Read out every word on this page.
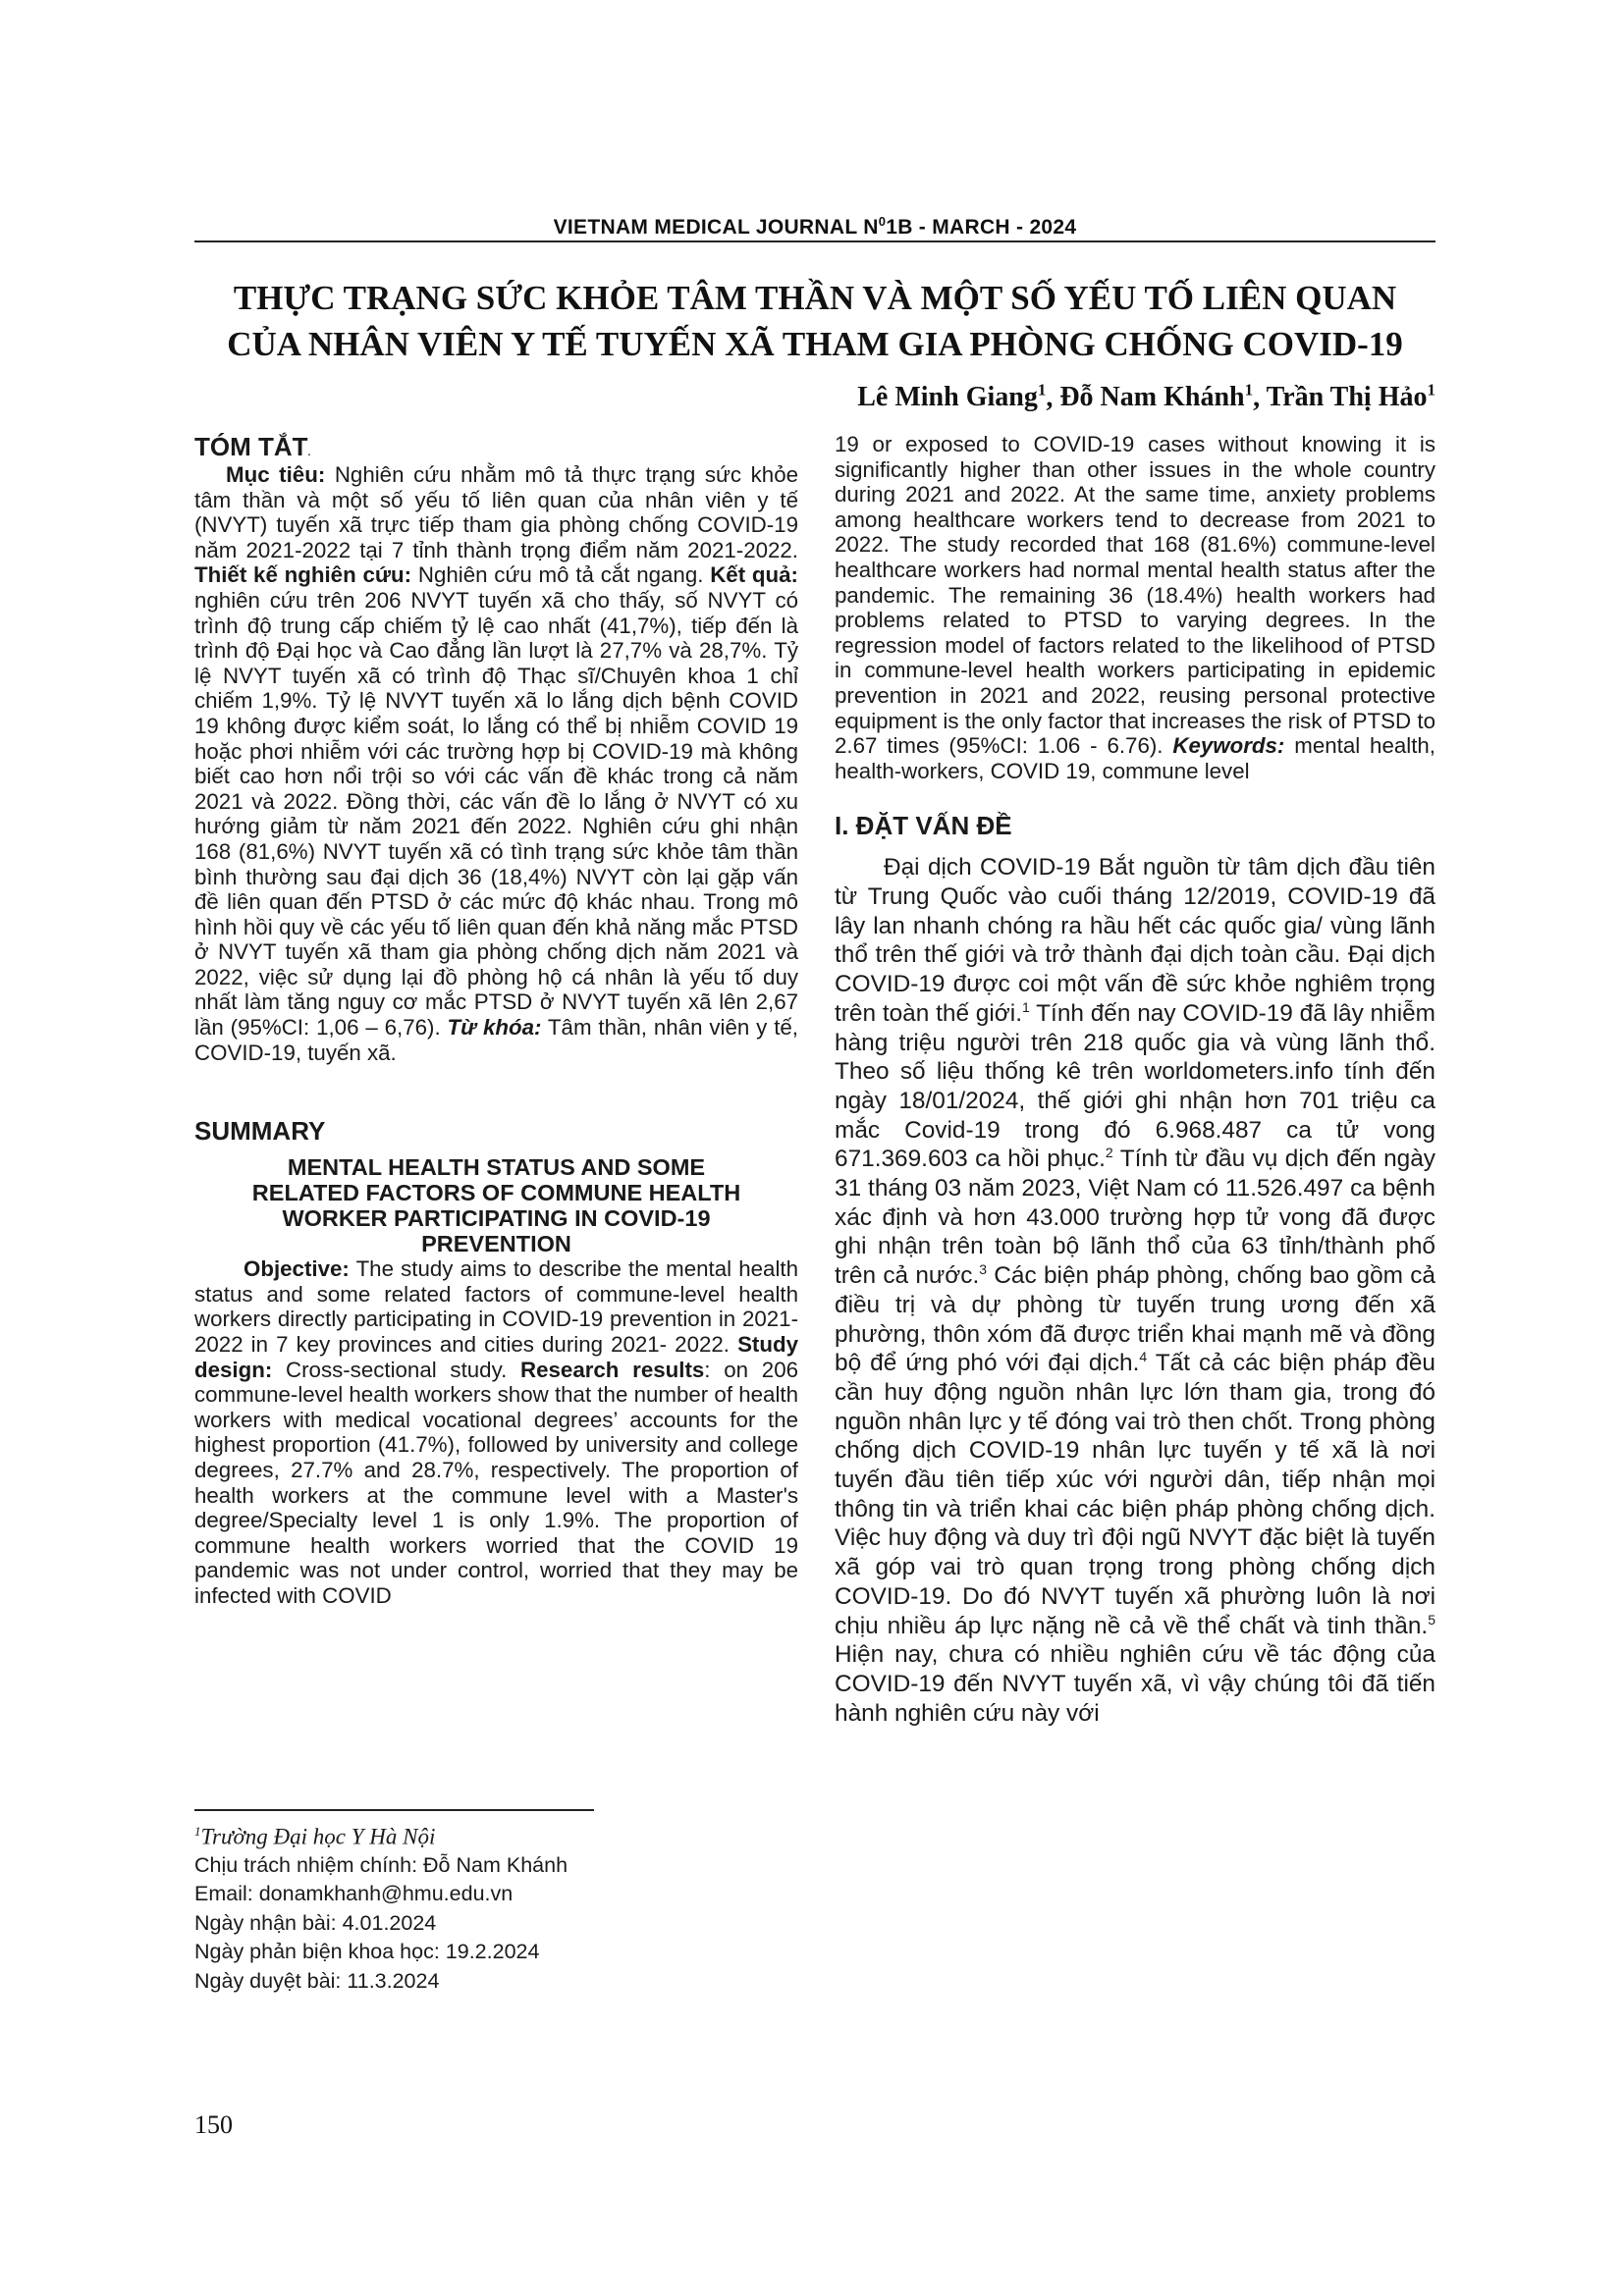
VIETNAM MEDICAL JOURNAL $N^01B$ - MARCH - 2024
THỰC TRẠNG SỨC KHỎE TÂM THẦN VÀ MỘT SỐ YẾU TỐ LIÊN QUAN
CỦA NHÂN VIÊN Y TẾ TUYẾN XÃ THAM GIA PHÒNG CHỐNG COVID-19
Lê Minh Giang$^1$, Đỗ Nam Khánh$^1$, Trần Thị Hảo$^1$
TÓM TẮT.

Mục tiêu: Nghiên cứu nhằm mô tả thực trạng sức khỏe tâm thần và một số yếu tố liên quan của nhân viên y tế (NVYT) tuyến xã trực tiếp tham gia phòng chống COVID-19 năm 2021-2022 tại 7 tỉnh thành trọng điểm năm 2021-2022. Thiết kế nghiên cứu: Nghiên cứu mô tả cắt ngang. Kết quả: nghiên cứu trên 206 NVYT tuyến xã cho thấy, số NVYT có trình độ trung cấp chiếm tỷ lệ cao nhất (41,7%), tiếp đến là trình độ Đại học và Cao đẳng lần lượt là 27,7% và 28,7%. Tỷ lệ NVYT tuyến xã có trình độ Thạc sĩ/Chuyên khoa 1 chỉ chiếm 1,9%. Tỷ lệ NVYT tuyến xã lo lắng dịch bệnh COVID 19 không được kiểm soát, lo lắng có thể bị nhiễm COVID 19 hoặc phơi nhiễm với các trường hợp bị COVID-19 mà không biết cao hơn nổi trội so với các vấn đề khác trong cả năm 2021 và 2022. Đồng thời, các vấn đề lo lắng ở NVYT có xu hướng giảm từ năm 2021 đến 2022. Nghiên cứu ghi nhận 168 (81,6%) NVYT tuyến xã có tình trạng sức khỏe tâm thần bình thường sau đại dịch 36 (18,4%) NVYT còn lại gặp vấn đề liên quan đến PTSD ở các mức độ khác nhau. Trong mô hình hồi quy về các yếu tố liên quan đến khả năng mắc PTSD ở NVYT tuyến xã tham gia phòng chống dịch năm 2021 và 2022, việc sử dụng lại đồ phòng hộ cá nhân là yếu tố duy nhất làm tăng nguy cơ mắc PTSD ở NVYT tuyến xã lên 2,67 lần (95%CI: 1,06 – 6,76). Từ khóa: Tâm thần, nhân viên y tế, COVID-19, tuyến xã.

SUMMARY
MENTAL HEALTH STATUS AND SOME
RELATED FACTORS OF COMMUNE HEALTH
WORKER PARTICIPATING IN COVID-19
PREVENTION

Objective: The study aims to describe the mental health status and some related factors of commune-level health workers directly participating in COVID-19 prevention in 2021-2022 in 7 key provinces and cities during 2021- 2022. Study design: Cross-sectional study. Research results: on 206 commune-level health workers show that the number of health workers with medical vocational degrees’ accounts for the highest proportion (41.7%), followed by university and college degrees, 27.7% and 28.7%, respectively. The proportion of health workers at the commune level with a Master's degree/Specialty level 1 is only 1.9%. The proportion of commune health workers worried that the COVID 19 pandemic was not under control, worried that they may be infected with COVID

19 or exposed to COVID-19 cases without knowing it is significantly higher than other issues in the whole country during 2021 and 2022. At the same time, anxiety problems among healthcare workers tend to decrease from 2021 to 2022. The study recorded that 168 (81.6%) commune-level healthcare workers had normal mental health status after the pandemic. The remaining 36 (18.4%) health workers had problems related to PTSD to varying degrees. In the regression model of factors related to the likelihood of PTSD in commune-level health workers participating in epidemic prevention in 2021 and 2022, reusing personal protective equipment is the only factor that increases the risk of PTSD to 2.67 times (95%CI: 1.06 - 6.76). Keywords: mental health, health-workers, COVID 19, commune level

I. ĐẶT VẤN ĐỀ

Đại dịch COVID-19 Bắt nguồn từ tâm dịch đầu tiên từ Trung Quốc vào cuối tháng 12/2019, COVID-19 đã lây lan nhanh chóng ra hầu hết các quốc gia/ vùng lãnh thổ trên thế giới và trở thành đại dịch toàn cầu. Đại dịch COVID-19 được coi một vấn đề sức khỏe nghiêm trọng trên toàn thế giới.$^1$ Tính đến nay COVID-19 đã lây nhiễm hàng triệu người trên 218 quốc gia và vùng lãnh thổ. Theo số liệu thống kê trên worldometers.info tính đến ngày 18/01/2024, thế giới ghi nhận hơn 701 triệu ca mắc Covid-19 trong đó 6.968.487 ca tử vong 671.369.603 ca hồi phục.$^2$ Tính từ đầu vụ dịch đến ngày 31 tháng 03 năm 2023, Việt Nam có 11.526.497 ca bệnh xác định và hơn 43.000 trường hợp tử vong đã được ghi nhận trên toàn bộ lãnh thổ của 63 tỉnh/thành phố trên cả nước.$^3$ Các biện pháp phòng, chống bao gồm cả điều trị và dự phòng từ tuyến trung ương đến xã phường, thôn xóm đã được triển khai mạnh mẽ và đồng bộ để ứng phó với đại dịch.$^4$ Tất cả các biện pháp đều cần huy động nguồn nhân lực lớn tham gia, trong đó nguồn nhân lực y tế đóng vai trò then chốt. Trong phòng chống dịch COVID-19 nhân lực tuyến y tế xã là nơi tuyến đầu tiên tiếp xúc với người dân, tiếp nhận mọi thông tin và triển khai các biện pháp phòng chống dịch. Việc huy động và duy trì đội ngũ NVYT đặc biệt là tuyến xã góp vai trò quan trọng trong phòng chống dịch COVID-19. Do đó NVYT tuyến xã phường luôn là nơi chịu nhiều áp lực nặng nề cả về thể chất và tinh thần.$^5$ Hiện nay, chưa có nhiều nghiên cứu về tác động của COVID-19 đến NVYT tuyến xã, vì vậy chúng tôi đã tiến hành nghiên cứu này với

$^1$Trường Đại học Y Hà Nội
Chịu trách nhiệm chính: Đỗ Nam Khánh
Email: donamkhanh@hmu.edu.vn
Ngày nhận bài: 4.01.2024
Ngày phản biện khoa học: 19.2.2024
Ngày duyệt bài: 11.3.2024
150
